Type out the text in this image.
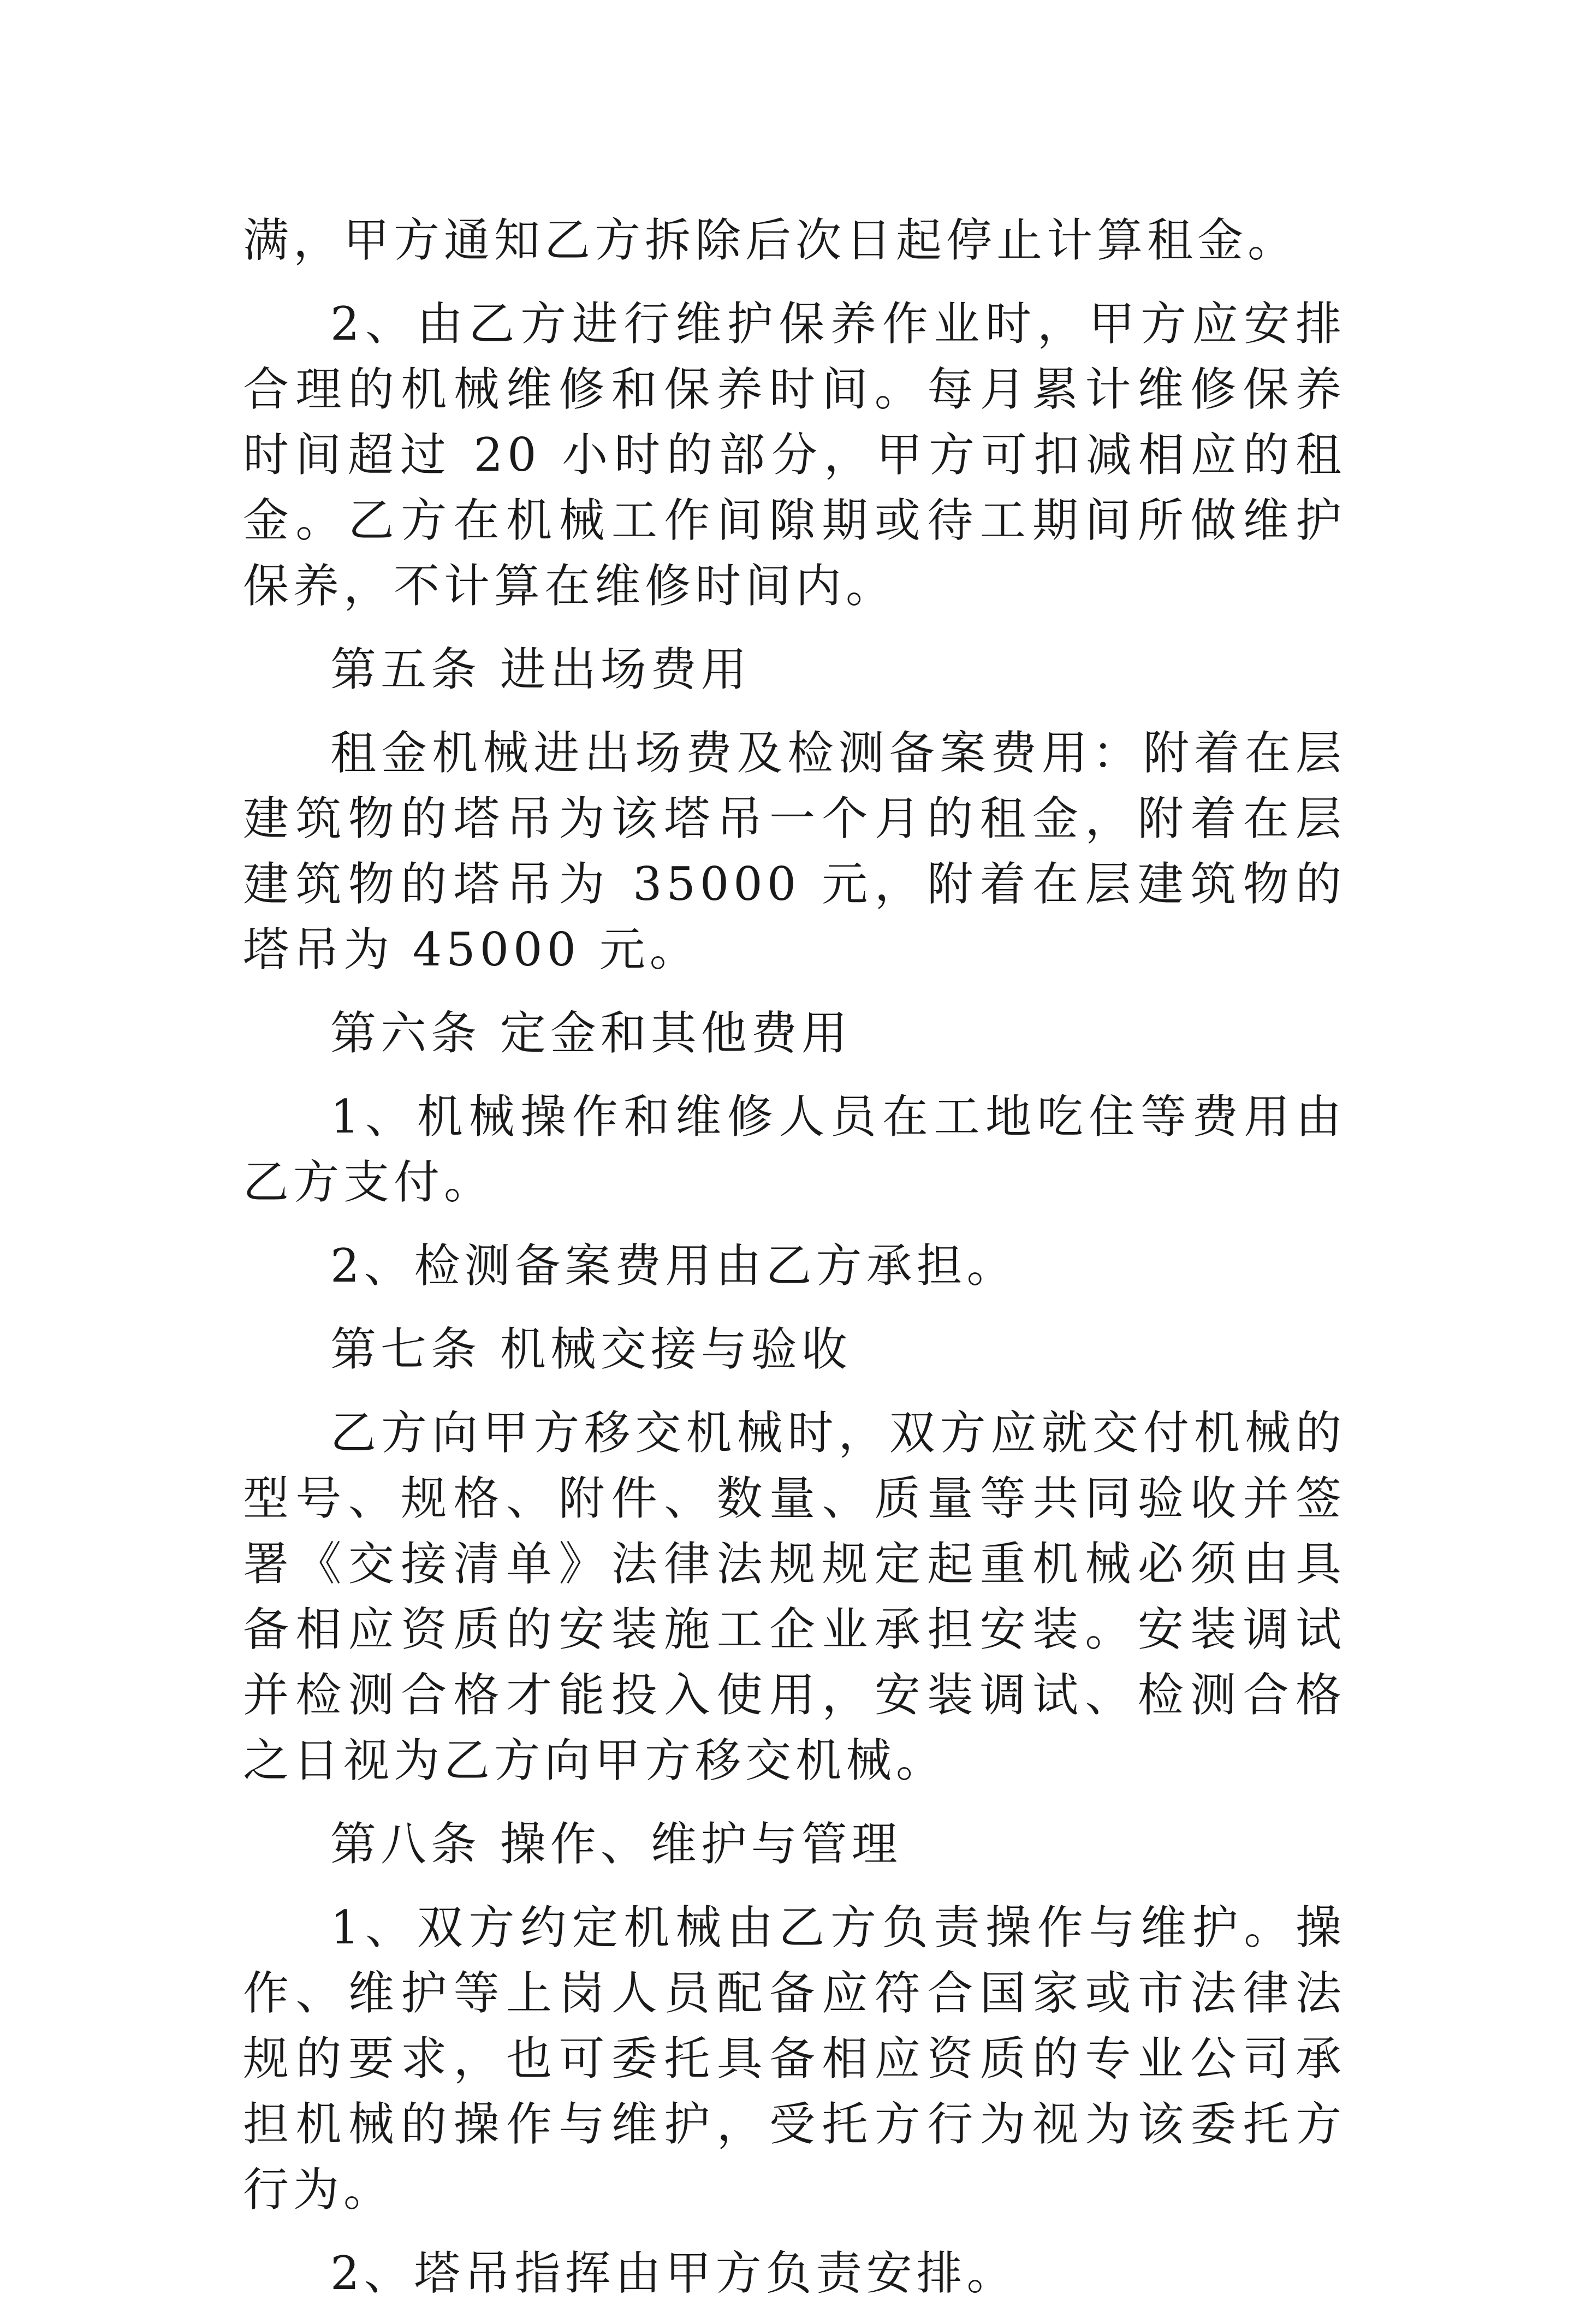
满，甲方通知乙方拆除后次日起停止计算租金。

2、由乙方进行维护保养作业时，甲方应安排合理的机械维修和保养时间。每月累计维修保养时间超过 20 小时的部分，甲方可扣减相应的租金。乙方在机械工作间隙期或待工期间所做维护保养，不计算在维修时间内。

第五条 进出场费用

租金机械进出场费及检测备案费用：附着在层建筑物的塔吊为该塔吊一个月的租金，附着在层建筑物的塔吊为 35000 元，附着在层建筑物的塔吊为 45000 元。

第六条 定金和其他费用

1、机械操作和维修人员在工地吃住等费用由乙方支付。

2、检测备案费用由乙方承担。

第七条 机械交接与验收

乙方向甲方移交机械时，双方应就交付机械的型号、规格、附件、数量、质量等共同验收并签署《交接清单》法律法规规定起重机械必须由具备相应资质的安装施工企业承担安装。安装调试并检测合格才能投入使用，安装调试、检测合格之日视为乙方向甲方移交机械。

第八条 操作、维护与管理

1、双方约定机械由乙方负责操作与维护。操作、维护等上岗人员配备应符合国家或市法律法规的要求，也可委托具备相应资质的专业公司承担机械的操作与维护，受托方行为视为该委托方行为。

2、塔吊指挥由甲方负责安排。
